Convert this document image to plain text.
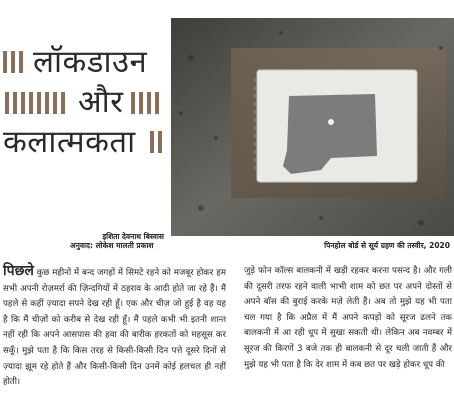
लॉकडाउन
और
कलात्मकता
इशिता देवनाथ बिस्वास
अनुवाद: लोकेश मालती प्रकाश	पिनहोल बोर्ड से सूर्य ग्रहण की तस्वीर, 2020

पिछले कुछ महीनों में बन्द जगहों में सिमटे रहने को मजबूर होकर हम सभी अपनी रोज़मर्रा की ज़िन्दगियों में ठहराव के आदी होते जा रहे हैं। मैं पहले से कहीं ज़्यादा सपने देख रही हूँ। एक और चीज़ जो हुई है वह यह है कि मैं चीज़ों को करीब से देख रही हूँ। मैं पहले कभी भी इतनी शान्त नहीं रही कि अपने आसपास की हवा की बारीक हरकतों को महसूस कर सकूँ। मुझे पता है कि किस तरह से किसी-किसी दिन पत्ते दूसरे दिनों से ज़्यादा झूम रहे होते हैं और किसी-किसी दिन उनमें कोई हलचल ही नहीं होती।

जुड़े फोन कॉल्स बालकनी में खड़ी रहकर करना पसन्द है। और गली की दूसरी तरफ रहने वाली भाभी शाम को छत पर अपने दोस्तों से अपने बॉस की बुराई करके मज़े लेती हैं। अब तो मुझे यह भी पता चल गया है कि अप्रैल में मैं अपने कपड़ों को सूरज ढलने तक बालकनी में आ रही धूप में सुखा सकती थी। लेकिन अब नवम्बर में सूरज की किरणें 3 बजे तक ही बालकनी से दूर चली जाती हैं और मुझे यह भी पता है कि देर शाम में कब छत पर खड़े होकर धूप की
